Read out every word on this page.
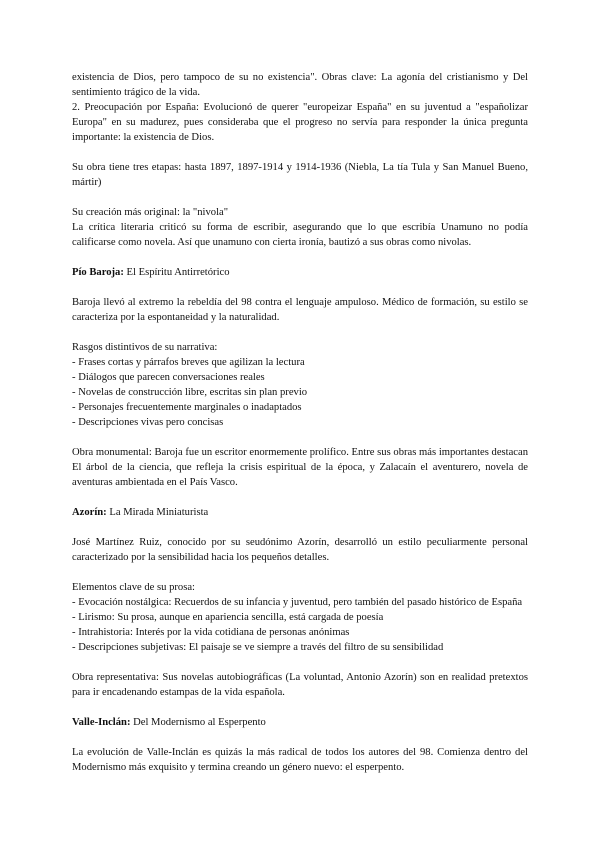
existencia de Dios, pero tampoco de su no existencia". Obras clave: La agonía del cristianismo y Del sentimiento trágico de la vida.

2. Preocupación por España: Evolucionó de querer "europeizar España" en su juventud a "españolizar Europa" en su madurez, pues consideraba que el progreso no servía para responder la única pregunta importante: la existencia de Dios.

Su obra tiene tres etapas: hasta 1897, 1897-1914 y 1914-1936 (Niebla, La tía Tula y San Manuel Bueno, mártir)

Su creación más original: la "nivola"

La crítica literaria criticó su forma de escribir, asegurando que lo que escribía Unamuno no podía calificarse como novela. Así que unamuno con cierta ironía, bautizó a sus obras como nivolas.

Pío Baroja: El Espíritu Antirretórico

Baroja llevó al extremo la rebeldía del 98 contra el lenguaje ampuloso. Médico de formación, su estilo se caracteriza por la espontaneidad y la naturalidad.

Rasgos distintivos de su narrativa:
- Frases cortas y párrafos breves que agilizan la lectura
- Diálogos que parecen conversaciones reales
- Novelas de construcción libre, escritas sin plan previo
- Personajes frecuentemente marginales o inadaptados
- Descripciones vivas pero concisas

Obra monumental: Baroja fue un escritor enormemente prolífico. Entre sus obras más importantes destacan El árbol de la ciencia, que refleja la crisis espiritual de la época, y Zalacaín el aventurero, novela de aventuras ambientada en el País Vasco.

Azorín: La Mirada Miniaturista

José Martínez Ruiz, conocido por su seudónimo Azorín, desarrolló un estilo peculiarmente personal caracterizado por la sensibilidad hacia los pequeños detalles.

Elementos clave de su prosa:
- Evocación nostálgica: Recuerdos de su infancia y juventud, pero también del pasado histórico de España
- Lirismo: Su prosa, aunque en apariencia sencilla, está cargada de poesía
- Intrahistoria: Interés por la vida cotidiana de personas anónimas
- Descripciones subjetivas: El paisaje se ve siempre a través del filtro de su sensibilidad

Obra representativa: Sus novelas autobiográficas (La voluntad, Antonio Azorín) son en realidad pretextos para ir encadenando estampas de la vida española.

Valle-Inclán: Del Modernismo al Esperpento

La evolución de Valle-Inclán es quizás la más radical de todos los autores del 98. Comienza dentro del Modernismo más exquisito y termina creando un género nuevo: el esperpento.
